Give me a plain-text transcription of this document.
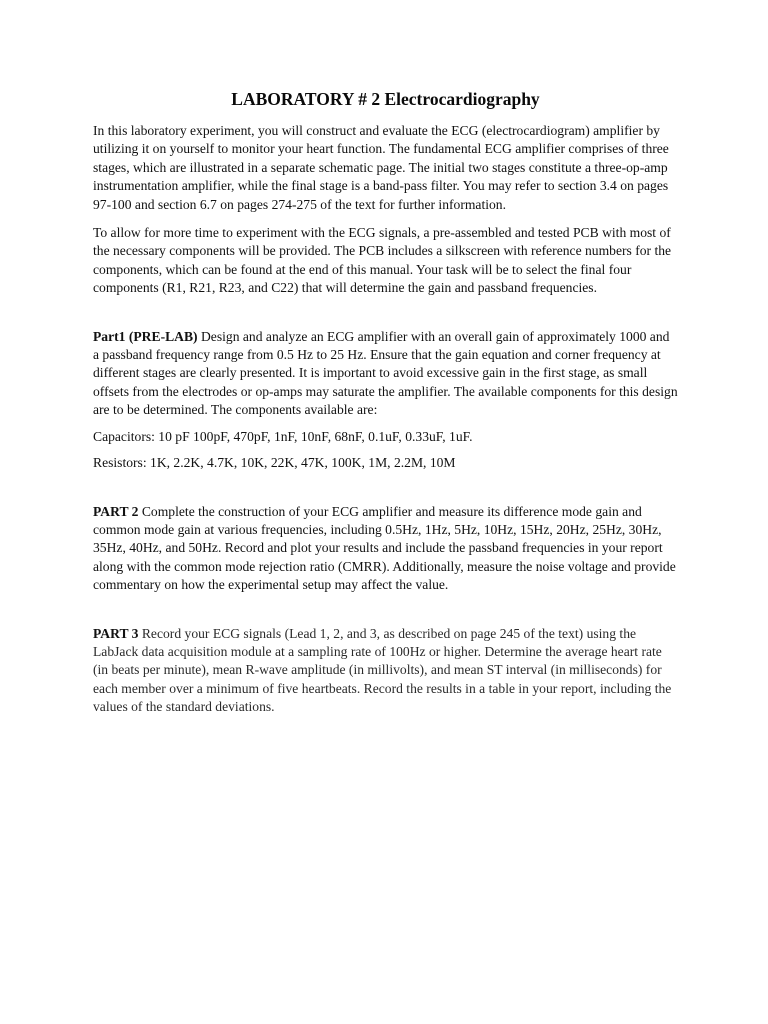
LABORATORY # 2 Electrocardiography

In this laboratory experiment, you will construct and evaluate the ECG (electrocardiogram) amplifier by utilizing it on yourself to monitor your heart function. The fundamental ECG amplifier comprises of three stages, which are illustrated in a separate schematic page. The initial two stages constitute a three-op-amp instrumentation amplifier, while the final stage is a band-pass filter. You may refer to section 3.4 on pages 97-100 and section 6.7 on pages 274-275 of the text for further information.

To allow for more time to experiment with the ECG signals, a pre-assembled and tested PCB with most of the necessary components will be provided. The PCB includes a silkscreen with reference numbers for the components, which can be found at the end of this manual. Your task will be to select the final four components (R1, R21, R23, and C22) that will determine the gain and passband frequencies.

Part1 (PRE-LAB) Design and analyze an ECG amplifier with an overall gain of approximately 1000 and a passband frequency range from 0.5 Hz to 25 Hz. Ensure that the gain equation and corner frequency at different stages are clearly presented. It is important to avoid excessive gain in the first stage, as small offsets from the electrodes or op-amps may saturate the amplifier. The available components for this design are to be determined. The components available are:

Capacitors: 10 pF 100pF, 470pF, 1nF, 10nF, 68nF, 0.1uF, 0.33uF, 1uF.

Resistors: 1K, 2.2K, 4.7K, 10K, 22K, 47K, 100K, 1M, 2.2M, 10M

PART 2 Complete the construction of your ECG amplifier and measure its difference mode gain and common mode gain at various frequencies, including 0.5Hz, 1Hz, 5Hz, 10Hz, 15Hz, 20Hz, 25Hz, 30Hz, 35Hz, 40Hz, and 50Hz. Record and plot your results and include the passband frequencies in your report along with the common mode rejection ratio (CMRR). Additionally, measure the noise voltage and provide commentary on how the experimental setup may affect the value.

PART 3 Record your ECG signals (Lead 1, 2, and 3, as described on page 245 of the text) using the LabJack data acquisition module at a sampling rate of 100Hz or higher. Determine the average heart rate (in beats per minute), mean R-wave amplitude (in millivolts), and mean ST interval (in milliseconds) for each member over a minimum of five heartbeats. Record the results in a table in your report, including the values of the standard deviations.
